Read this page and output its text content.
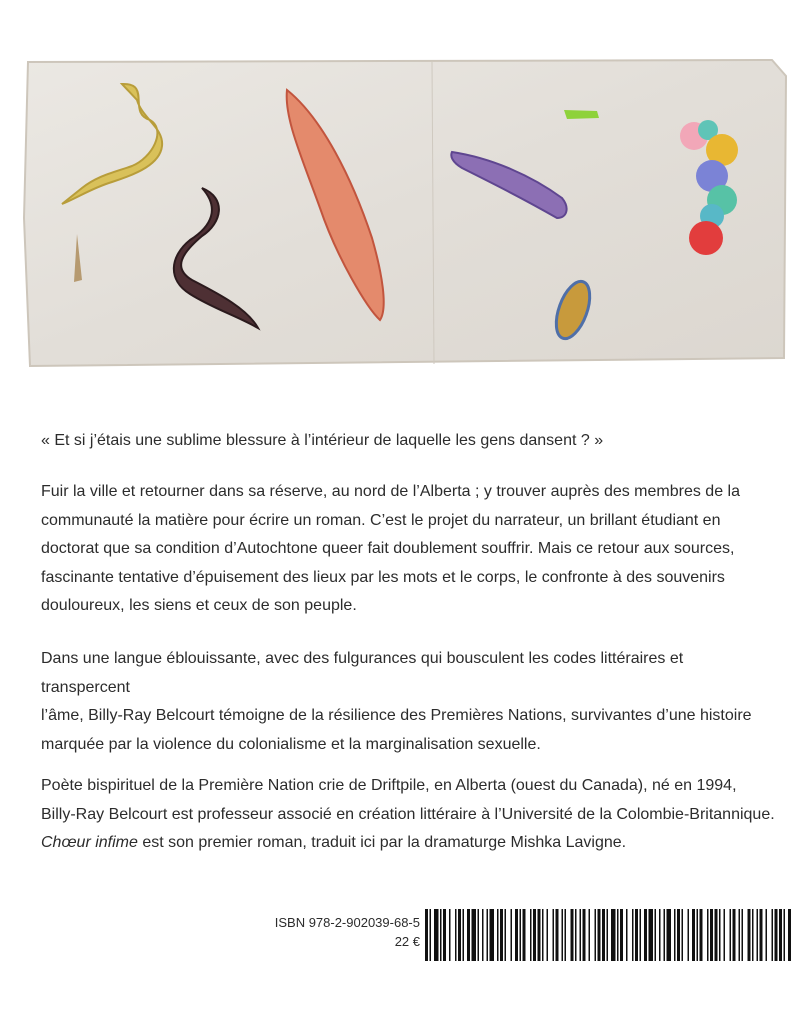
« Et si j’étais une sublime blessure à l’intérieur de laquelle les gens dansent ? »

Fuir la ville et retourner dans sa réserve, au nord de l’Alberta ; y trouver auprès des membres de la

communauté la matière pour écrire un roman. C’est le projet du narrateur, un brillant étudiant en

doctorat que sa condition d’Autochtone queer fait doublement souffrir. Mais ce retour aux sources,

fascinante tentative d’épuisement des lieux par les mots et le corps, le confronte à des souvenirs

douloureux, les siens et ceux de son peuple.

Dans une langue éblouissante, avec des fulgurances qui bousculent les codes littéraires et transpercent

l’âme, Billy-Ray Belcourt témoigne de la résilience des Premières Nations, survivantes d’une histoire

marquée par la violence du colonialisme et la marginalisation sexuelle.

Poète bispirituel de la Première Nation crie de Driftpile, en Alberta (ouest du Canada), né en 1994,

Billy-Ray Belcourt est professeur associé en création littéraire à l’Université de la Colombie-Britannique.

Chœur infime est son premier roman, traduit ici par la dramaturge Mishka Lavigne.

ISBN 978-2-902039-68-5
22 €
